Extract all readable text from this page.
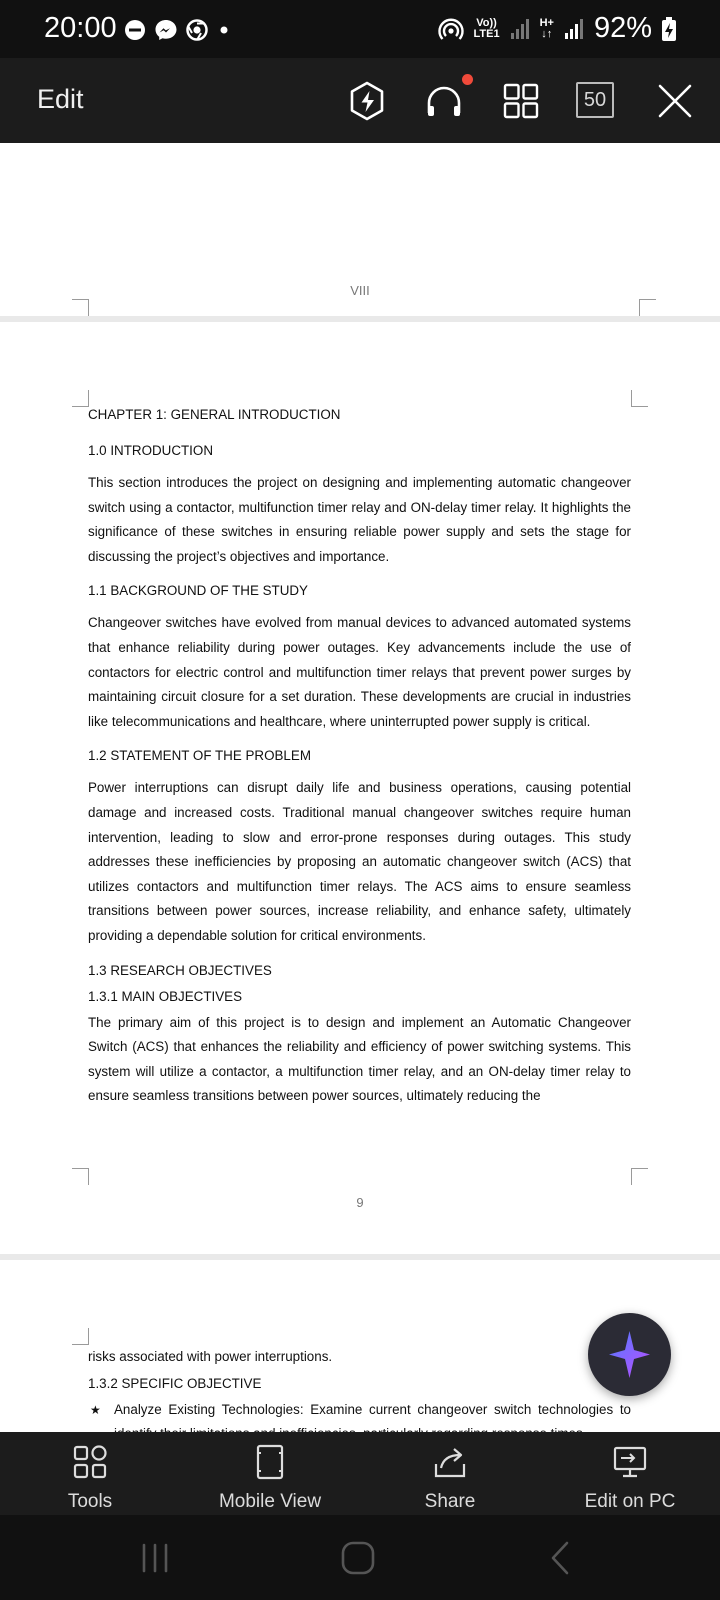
20:00	Vo))
LTE1
H+
↓↑ 92%
Edit	50
VIII

CHAPTER 1: GENERAL INTRODUCTION

1.0 INTRODUCTION

This section introduces the project on designing and implementing automatic changeover switch using a contactor, multifunction timer relay and ON-delay timer relay. It highlights the significance of these switches in ensuring reliable power supply and sets the stage for discussing the project’s objectives and importance.

1.1 BACKGROUND OF THE STUDY

Changeover switches have evolved from manual devices to advanced automated systems that enhance reliability during power outages. Key advancements include the use of contactors for electric control and multifunction timer relays that prevent power surges by maintaining circuit closure for a set duration. These developments are crucial in industries like telecommunications and healthcare, where uninterrupted power supply is critical.

1.2 STATEMENT OF THE PROBLEM

Power interruptions can disrupt daily life and business operations, causing potential damage and increased costs. Traditional manual changeover switches require human intervention, leading to slow and error-prone responses during outages. This study addresses these inefficiencies by proposing an automatic changeover switch (ACS) that utilizes contactors and multifunction timer relays. The ACS aims to ensure seamless transitions between power sources, increase reliability, and enhance safety, ultimately providing a dependable solution for critical environments.

1.3 RESEARCH OBJECTIVES

1.3.1 MAIN OBJECTIVES

The primary aim of this project is to design and implement an Automatic Changeover Switch (ACS) that enhances the reliability and efficiency of power switching systems. This system will utilize a contactor, a multifunction timer relay, and an ON-delay timer relay to ensure seamless transitions between power sources, ultimately reducing the

9

risks associated with power interruptions.

1.3.2 SPECIFIC OBJECTIVE

★ Analyze Existing Technologies: Examine current changeover switch technologies to

Tools	Mobile View	Share	Edit on PC
